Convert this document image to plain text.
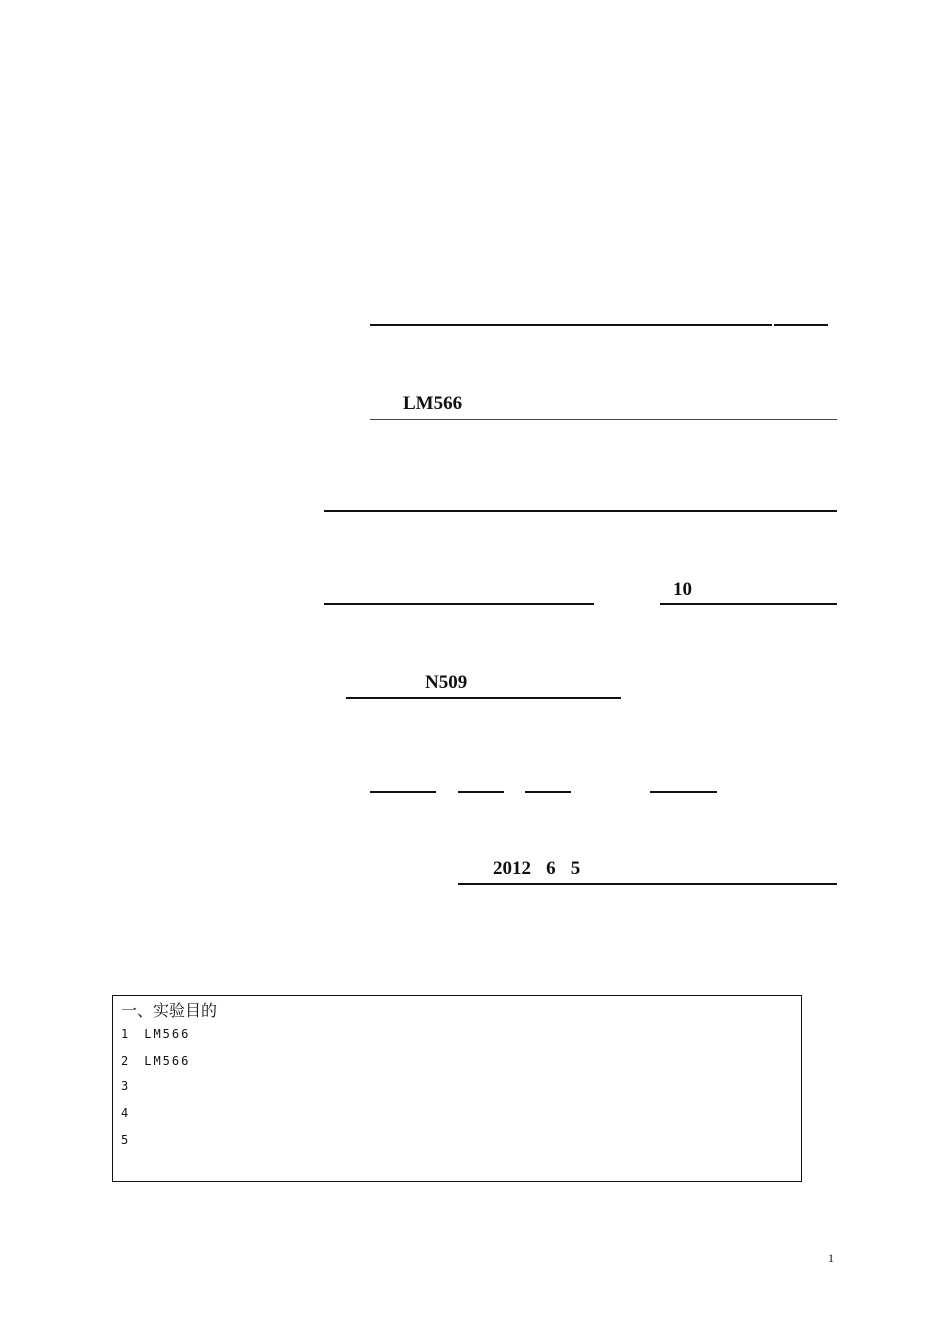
LM566
10
N509
2012 6 5
一、实验目的
1　LM566
2　LM566
3
4
5
1
